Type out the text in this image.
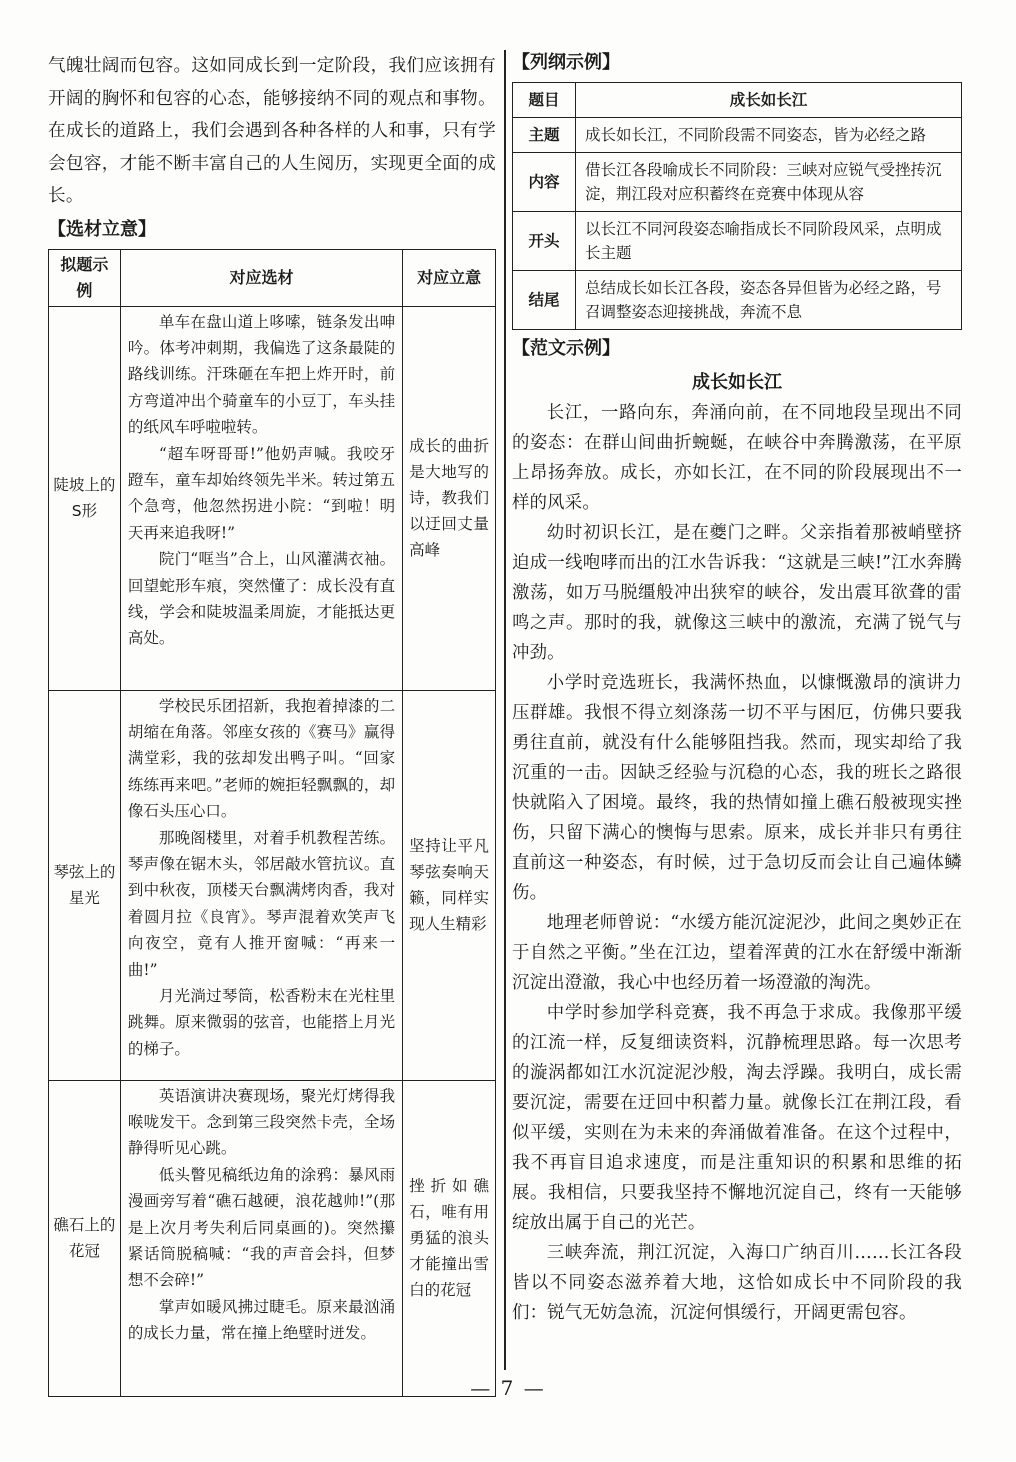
气魄壮阔而包容。这如同成长到一定阶段，我们应该拥有开阔的胸怀和包容的心态，能够接纳不同的观点和事物。在成长的道路上，我们会遇到各种各样的人和事，只有学会包容，才能不断丰富自己的人生阅历，实现更全面的成长。

【选材立意】
拟题示例	对应选材	对应立意
陡坡上的S形	单车在盘山道上哆嗦，链条发出呻吟。体考冲刺期，我偏选了这条最陡的路线训练。汗珠砸在车把上炸开时，前方弯道冲出个骑童车的小豆丁，车头挂的纸风车呼啦啦转。

“超车呀哥哥!”他奶声喊。我咬牙蹬车，童车却始终领先半米。转过第五个急弯，他忽然拐进小院：“到啦！明天再来追我呀!”

院门“哐当”合上，山风灌满衣袖。回望蛇形车痕，突然懂了：成长没有直线，学会和陡坡温柔周旋，才能抵达更高处。	成长的曲折是大地写的诗，教我们以迂回丈量高峰
琴弦上的星光	学校民乐团招新，我抱着掉漆的二胡缩在角落。邻座女孩的《赛马》赢得满堂彩，我的弦却发出鸭子叫。“回家练练再来吧。”老师的婉拒轻飘飘的，却像石头压心口。

那晚阁楼里，对着手机教程苦练。琴声像在锯木头，邻居敲水管抗议。直到中秋夜，顶楼天台飘满烤肉香，我对着圆月拉《良宵》。琴声混着欢笑声飞向夜空，竟有人推开窗喊：“再来一曲!”

月光淌过琴筒，松香粉末在光柱里跳舞。原来微弱的弦音，也能搭上月光的梯子。	坚持让平凡琴弦奏响天籁，同样实现人生精彩
礁石上的花冠	英语演讲决赛现场，聚光灯烤得我喉咙发干。念到第三段突然卡壳，全场静得听见心跳。

低头瞥见稿纸边角的涂鸦：暴风雨漫画旁写着“礁石越硬，浪花越帅!”(那是上次月考失利后同桌画的)。突然攥紧话筒脱稿喊：“我的声音会抖，但梦想不会碎!”

掌声如暖风拂过睫毛。原来最汹涌的成长力量，常在撞上绝壁时迸发。	挫折如礁石，唯有用勇猛的浪头才能撞出雪白的花冠
【列纲示例】
题目	成长如长江
主题	成长如长江，不同阶段需不同姿态，皆为必经之路
内容	借长江各段喻成长不同阶段：三峡对应锐气受挫抟沉淀，荆江段对应积蓄终在竞赛中体现从容
开头	以长江不同河段姿态喻指成长不同阶段风采，点明成长主题
结尾	总结成长如长江各段，姿态各异但皆为必经之路，号召调整姿态迎接挑战，奔流不息
【范文示例】
成长如长江

长江，一路向东，奔涌向前，在不同地段呈现出不同的姿态：在群山间曲折蜿蜒，在峡谷中奔腾激荡，在平原上昂扬奔放。成长，亦如长江，在不同的阶段展现出不一样的风采。

幼时初识长江，是在夔门之畔。父亲指着那被峭壁挤迫成一线咆哮而出的江水告诉我：“这就是三峡!”江水奔腾激荡，如万马脱缰般冲出狭窄的峡谷，发出震耳欲聋的雷鸣之声。那时的我，就像这三峡中的激流，充满了锐气与冲劲。

小学时竞选班长，我满怀热血，以慷慨激昂的演讲力压群雄。我恨不得立刻涤荡一切不平与困厄，仿佛只要我勇往直前，就没有什么能够阻挡我。然而，现实却给了我沉重的一击。因缺乏经验与沉稳的心态，我的班长之路很快就陷入了困境。最终，我的热情如撞上礁石般被现实挫伤，只留下满心的懊悔与思索。原来，成长并非只有勇往直前这一种姿态，有时候，过于急切反而会让自己遍体鳞伤。

地理老师曾说：“水缓方能沉淀泥沙，此间之奥妙正在于自然之平衡。”坐在江边，望着浑黄的江水在舒缓中渐渐沉淀出澄澈，我心中也经历着一场澄澈的淘洗。

中学时参加学科竞赛，我不再急于求成。我像那平缓的江流一样，反复细读资料，沉静梳理思路。每一次思考的漩涡都如江水沉淀泥沙般，淘去浮躁。我明白，成长需要沉淀，需要在迂回中积蓄力量。就像长江在荆江段，看似平缓，实则在为未来的奔涌做着准备。在这个过程中，我不再盲目追求速度，而是注重知识的积累和思维的拓展。我相信，只要我坚持不懈地沉淀自己，终有一天能够绽放出属于自己的光芒。

三峡奔流，荆江沉淀，入海口广纳百川……长江各段皆以不同姿态滋养着大地，这恰如成长中不同阶段的我们：锐气无妨急流，沉淀何惧缓行，开阔更需包容。

— 7 —
